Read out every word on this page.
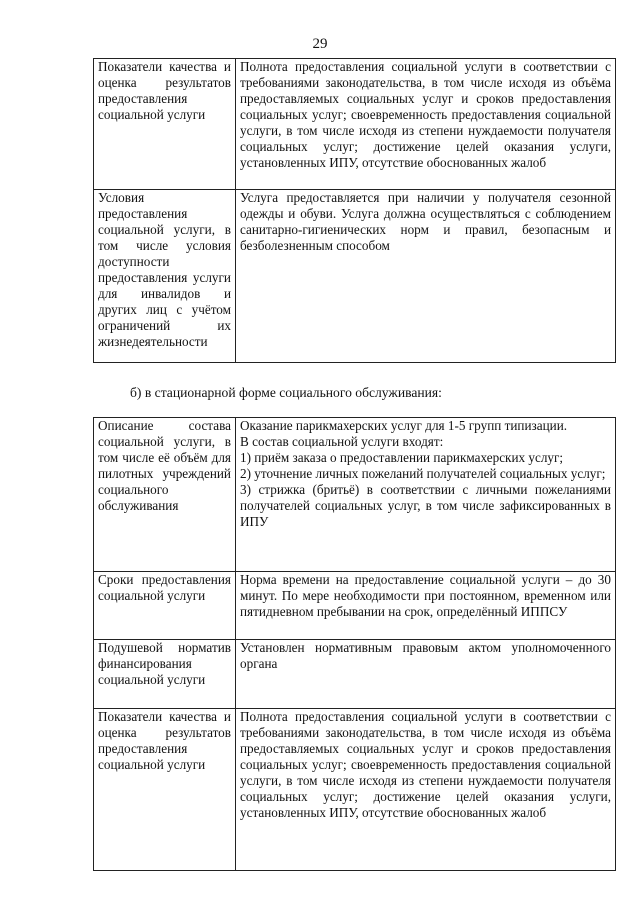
29
Показатели качества и оценка результатов предоставления социальной услуги	Полнота предоставления социальной услуги в соответствии с требованиями законодательства, в том числе исходя из объёма предоставляемых социальных услуг и сроков предоставления социальных услуг; своевременность предоставления социальной услуги, в том числе исходя из степени нуждаемости получателя социальных услуг; достижение целей оказания услуги, установленных ИПУ, отсутствие обоснованных жалоб

Условия предоставления социальной услуги, в том числе условия доступности предоставления услуги для инвалидов и других лиц с учётом ограничений их жизнедеятельности	Услуга предоставляется при наличии у получателя сезонной одежды и обуви. Услуга должна осуществляться с соблюдением санитарно-гигиенических норм и правил, безопасным и безболезненным способом
б) в стационарной форме социального обслуживания:
Описание состава социальной услуги, в том числе её объём для пилотных учреждений социального обслуживания	Оказание парикмахерских услуг для 1-5 групп типизации.
В состав социальной услуги входят:
1) приём заказа о предоставлении парикмахерских услуг;
2) уточнение личных пожеланий получателей социальных услуг;
3) стрижка (бритьё) в соответствии с личными пожеланиями получателей социальных услуг, в том числе зафиксированных в ИПУ

Сроки предоставления социальной услуги	Норма времени на предоставление социальной услуги – до 30 минут. По мере необходимости при постоянном, временном или пятидневном пребывании на срок, определённый ИППСУ

Подушевой норматив финансирования социальной услуги	Установлен нормативным правовым актом уполномоченного органа

Показатели качества и оценка результатов предоставления социальной услуги	Полнота предоставления социальной услуги в соответствии с требованиями законодательства, в том числе исходя из объёма предоставляемых социальных услуг и сроков предоставления социальных услуг; своевременность предоставления социальной услуги, в том числе исходя из степени нуждаемости получателя социальных услуг; достижение целей оказания услуги, установленных ИПУ, отсутствие обоснованных жалоб
